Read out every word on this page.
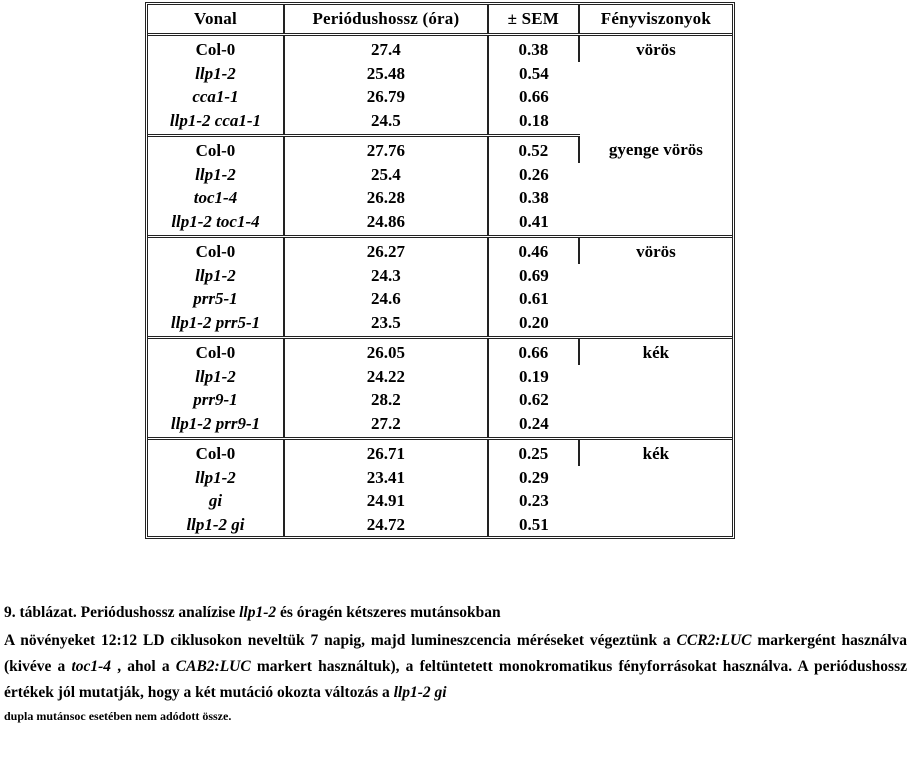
Vonal	Periódushossz (óra)	± SEM	Fényviszonyok
Col-0	27.4	0.38	vörös
llp1-2	25.48	0.54	
cca1-1	26.79	0.66	
llp1-2 cca1-1	24.5	0.18	
Col-0	27.76	0.52	gyenge vörös
llp1-2	25.4	0.26	
toc1-4	26.28	0.38	
llp1-2 toc1-4	24.86	0.41	
Col-0	26.27	0.46	vörös
llp1-2	24.3	0.69	
prr5-1	24.6	0.61	
llp1-2 prr5-1	23.5	0.20	
Col-0	26.05	0.66	kék
llp1-2	24.22	0.19	
prr9-1	28.2	0.62	
llp1-2 prr9-1	27.2	0.24	
Col-0	26.71	0.25	kék
llp1-2	23.41	0.29	
gi	24.91	0.23	
llp1-2 gi	24.72	0.51	
9. táblázat. Periódushossz analízise llp1-2 és óragén kétszeres mutánsokban
A növényeket 12:12 LD ciklusokon neveltük 7 napig, majd lumineszcencia méréseket végeztünk a CCR2:LUC markergént használva (kivéve a toc1-4 , ahol a CAB2:LUC markert használtuk), a feltüntetett monokromatikus fényforrásokat használva. A periódushossz értékek jól mutatják, hogy a két mutáció okozta változás a llp1-2 gi
dupla mutánsoc esetében nem adódott össze.
